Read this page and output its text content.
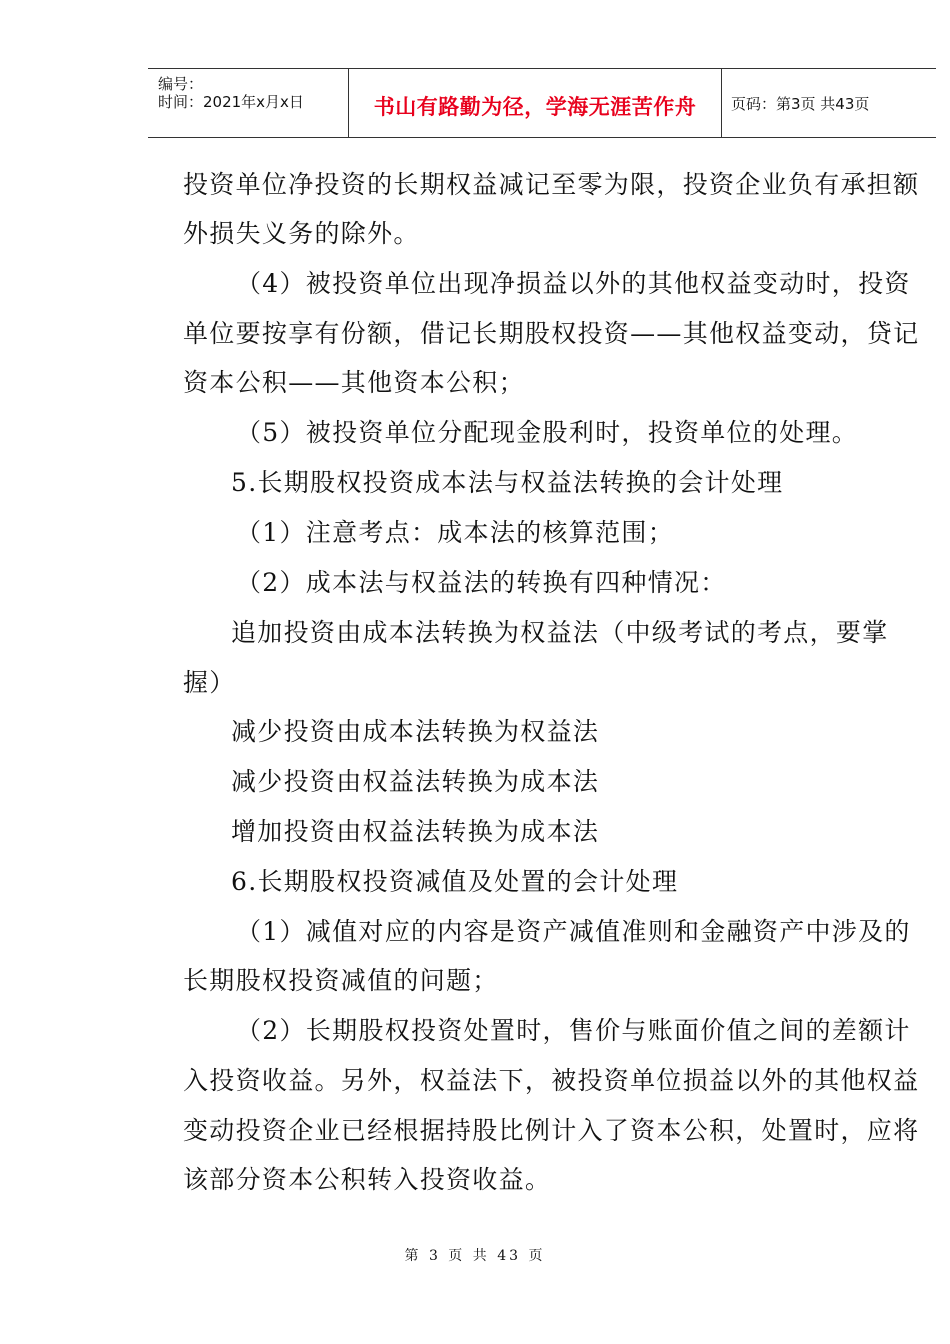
编号：
时间：2021年x月x日	书山有路勤为径，学海无涯苦作舟	页码：第3页 共43页
投资单位净投资的长期权益减记至零为限，投资企业负有承担额
外损失义务的除外。
（4）被投资单位出现净损益以外的其他权益变动时，投资
单位要按享有份额，借记长期股权投资——其他权益变动，贷记
资本公积——其他资本公积；
（5）被投资单位分配现金股利时，投资单位的处理。
5.长期股权投资成本法与权益法转换的会计处理
（1）注意考点：成本法的核算范围；
（2）成本法与权益法的转换有四种情况：
追加投资由成本法转换为权益法（中级考试的考点，要掌
握）
减少投资由成本法转换为权益法
减少投资由权益法转换为成本法
增加投资由权益法转换为成本法
6.长期股权投资减值及处置的会计处理
（1）减值对应的内容是资产减值准则和金融资产中涉及的
长期股权投资减值的问题；
（2）长期股权投资处置时，售价与账面价值之间的差额计
入投资收益。另外，权益法下，被投资单位损益以外的其他权益
变动投资企业已经根据持股比例计入了资本公积，处置时，应将
该部分资本公积转入投资收益。
第 3 页 共 43 页
